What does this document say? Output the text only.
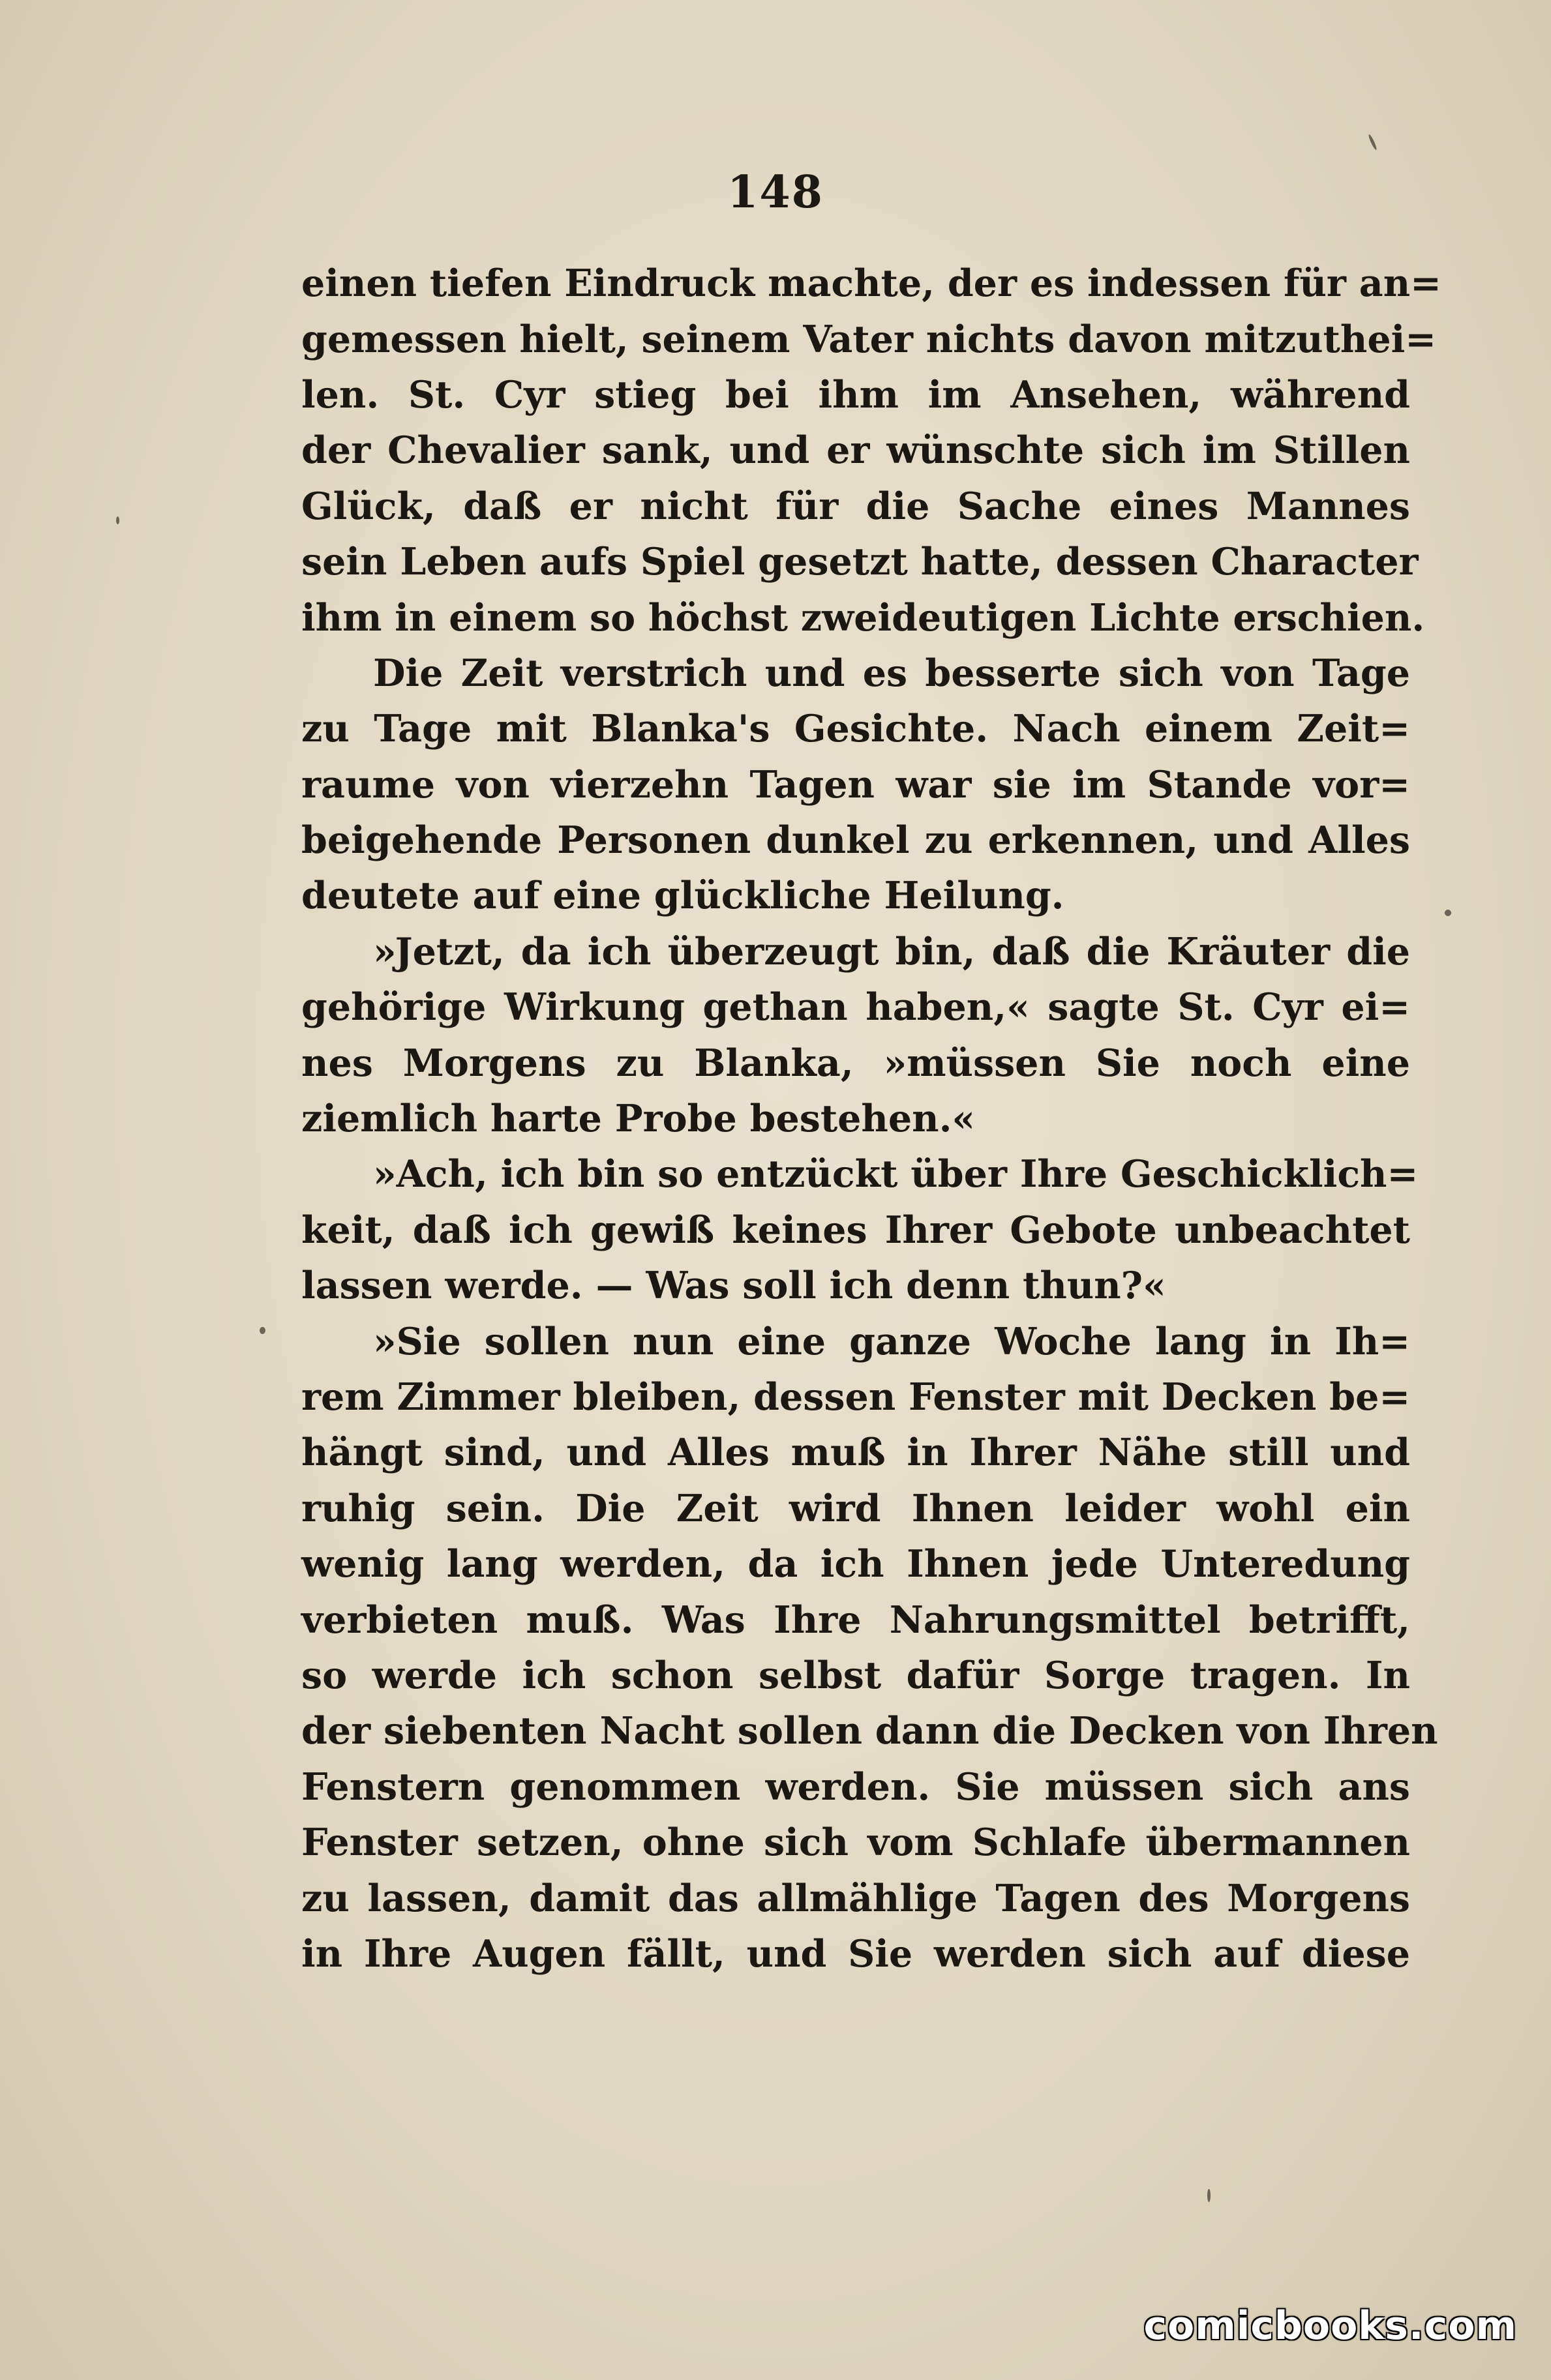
148
einen tiefen Eindruck machte, der es indessen für an=
gemessen hielt, seinem Vater nichts davon mitzuthei=
len. St. Cyr stieg bei ihm im Ansehen, während
der Chevalier sank, und er wünschte sich im Stillen
Glück, daß er nicht für die Sache eines Mannes
sein Leben aufs Spiel gesetzt hatte, dessen Character
ihm in einem so höchst zweideutigen Lichte erschien.
Die Zeit verstrich und es besserte sich von Tage
zu Tage mit Blanka's Gesichte. Nach einem Zeit=
raume von vierzehn Tagen war sie im Stande vor=
beigehende Personen dunkel zu erkennen, und Alles
deutete auf eine glückliche Heilung.
»Jetzt, da ich überzeugt bin, daß die Kräuter die
gehörige Wirkung gethan haben,« sagte St. Cyr ei=
nes Morgens zu Blanka, »müssen Sie noch eine
ziemlich harte Probe bestehen.«
»Ach, ich bin so entzückt über Ihre Geschicklich=
keit, daß ich gewiß keines Ihrer Gebote unbeachtet
lassen werde. — Was soll ich denn thun?«
»Sie sollen nun eine ganze Woche lang in Ih=
rem Zimmer bleiben, dessen Fenster mit Decken be=
hängt sind, und Alles muß in Ihrer Nähe still und
ruhig sein. Die Zeit wird Ihnen leider wohl ein
wenig lang werden, da ich Ihnen jede Unteredung
verbieten muß. Was Ihre Nahrungsmittel betrifft,
so werde ich schon selbst dafür Sorge tragen. In
der siebenten Nacht sollen dann die Decken von Ihren
Fenstern genommen werden. Sie müssen sich ans
Fenster setzen, ohne sich vom Schlafe übermannen
zu lassen, damit das allmählige Tagen des Morgens
in Ihre Augen fällt, und Sie werden sich auf diese
comicbooks.com
